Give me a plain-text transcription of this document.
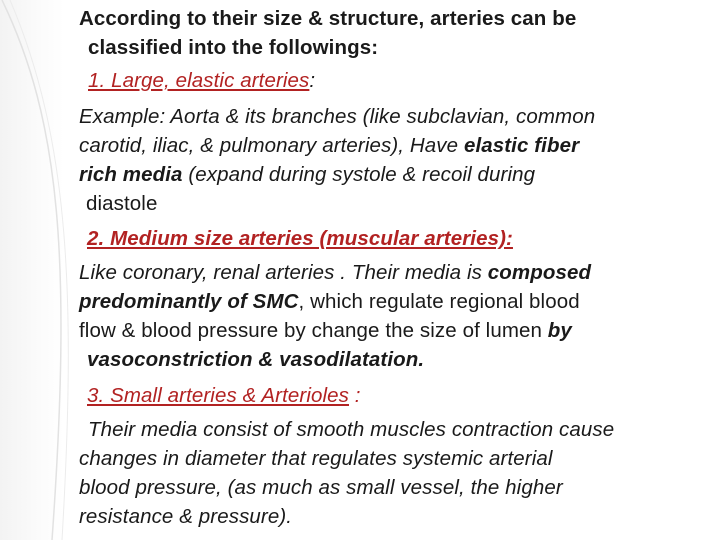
According to their size & structure, arteries can be
classified into the followings:
1. Large, elastic arteries:
Example: Aorta & its branches (like subclavian, common
carotid, iliac, & pulmonary arteries), Have elastic fiber
rich media (expand during systole & recoil during
diastole
2. Medium size arteries (muscular arteries):
Like coronary, renal arteries . Their media is composed
predominantly of SMC, which regulate regional blood
flow & blood pressure by change the size of lumen by
vasoconstriction & vasodilatation.
3. Small arteries & Arterioles :
Their media consist of smooth muscles contraction cause
changes in diameter that regulates systemic arterial
blood pressure, (as much as small vessel, the higher
resistance & pressure).
